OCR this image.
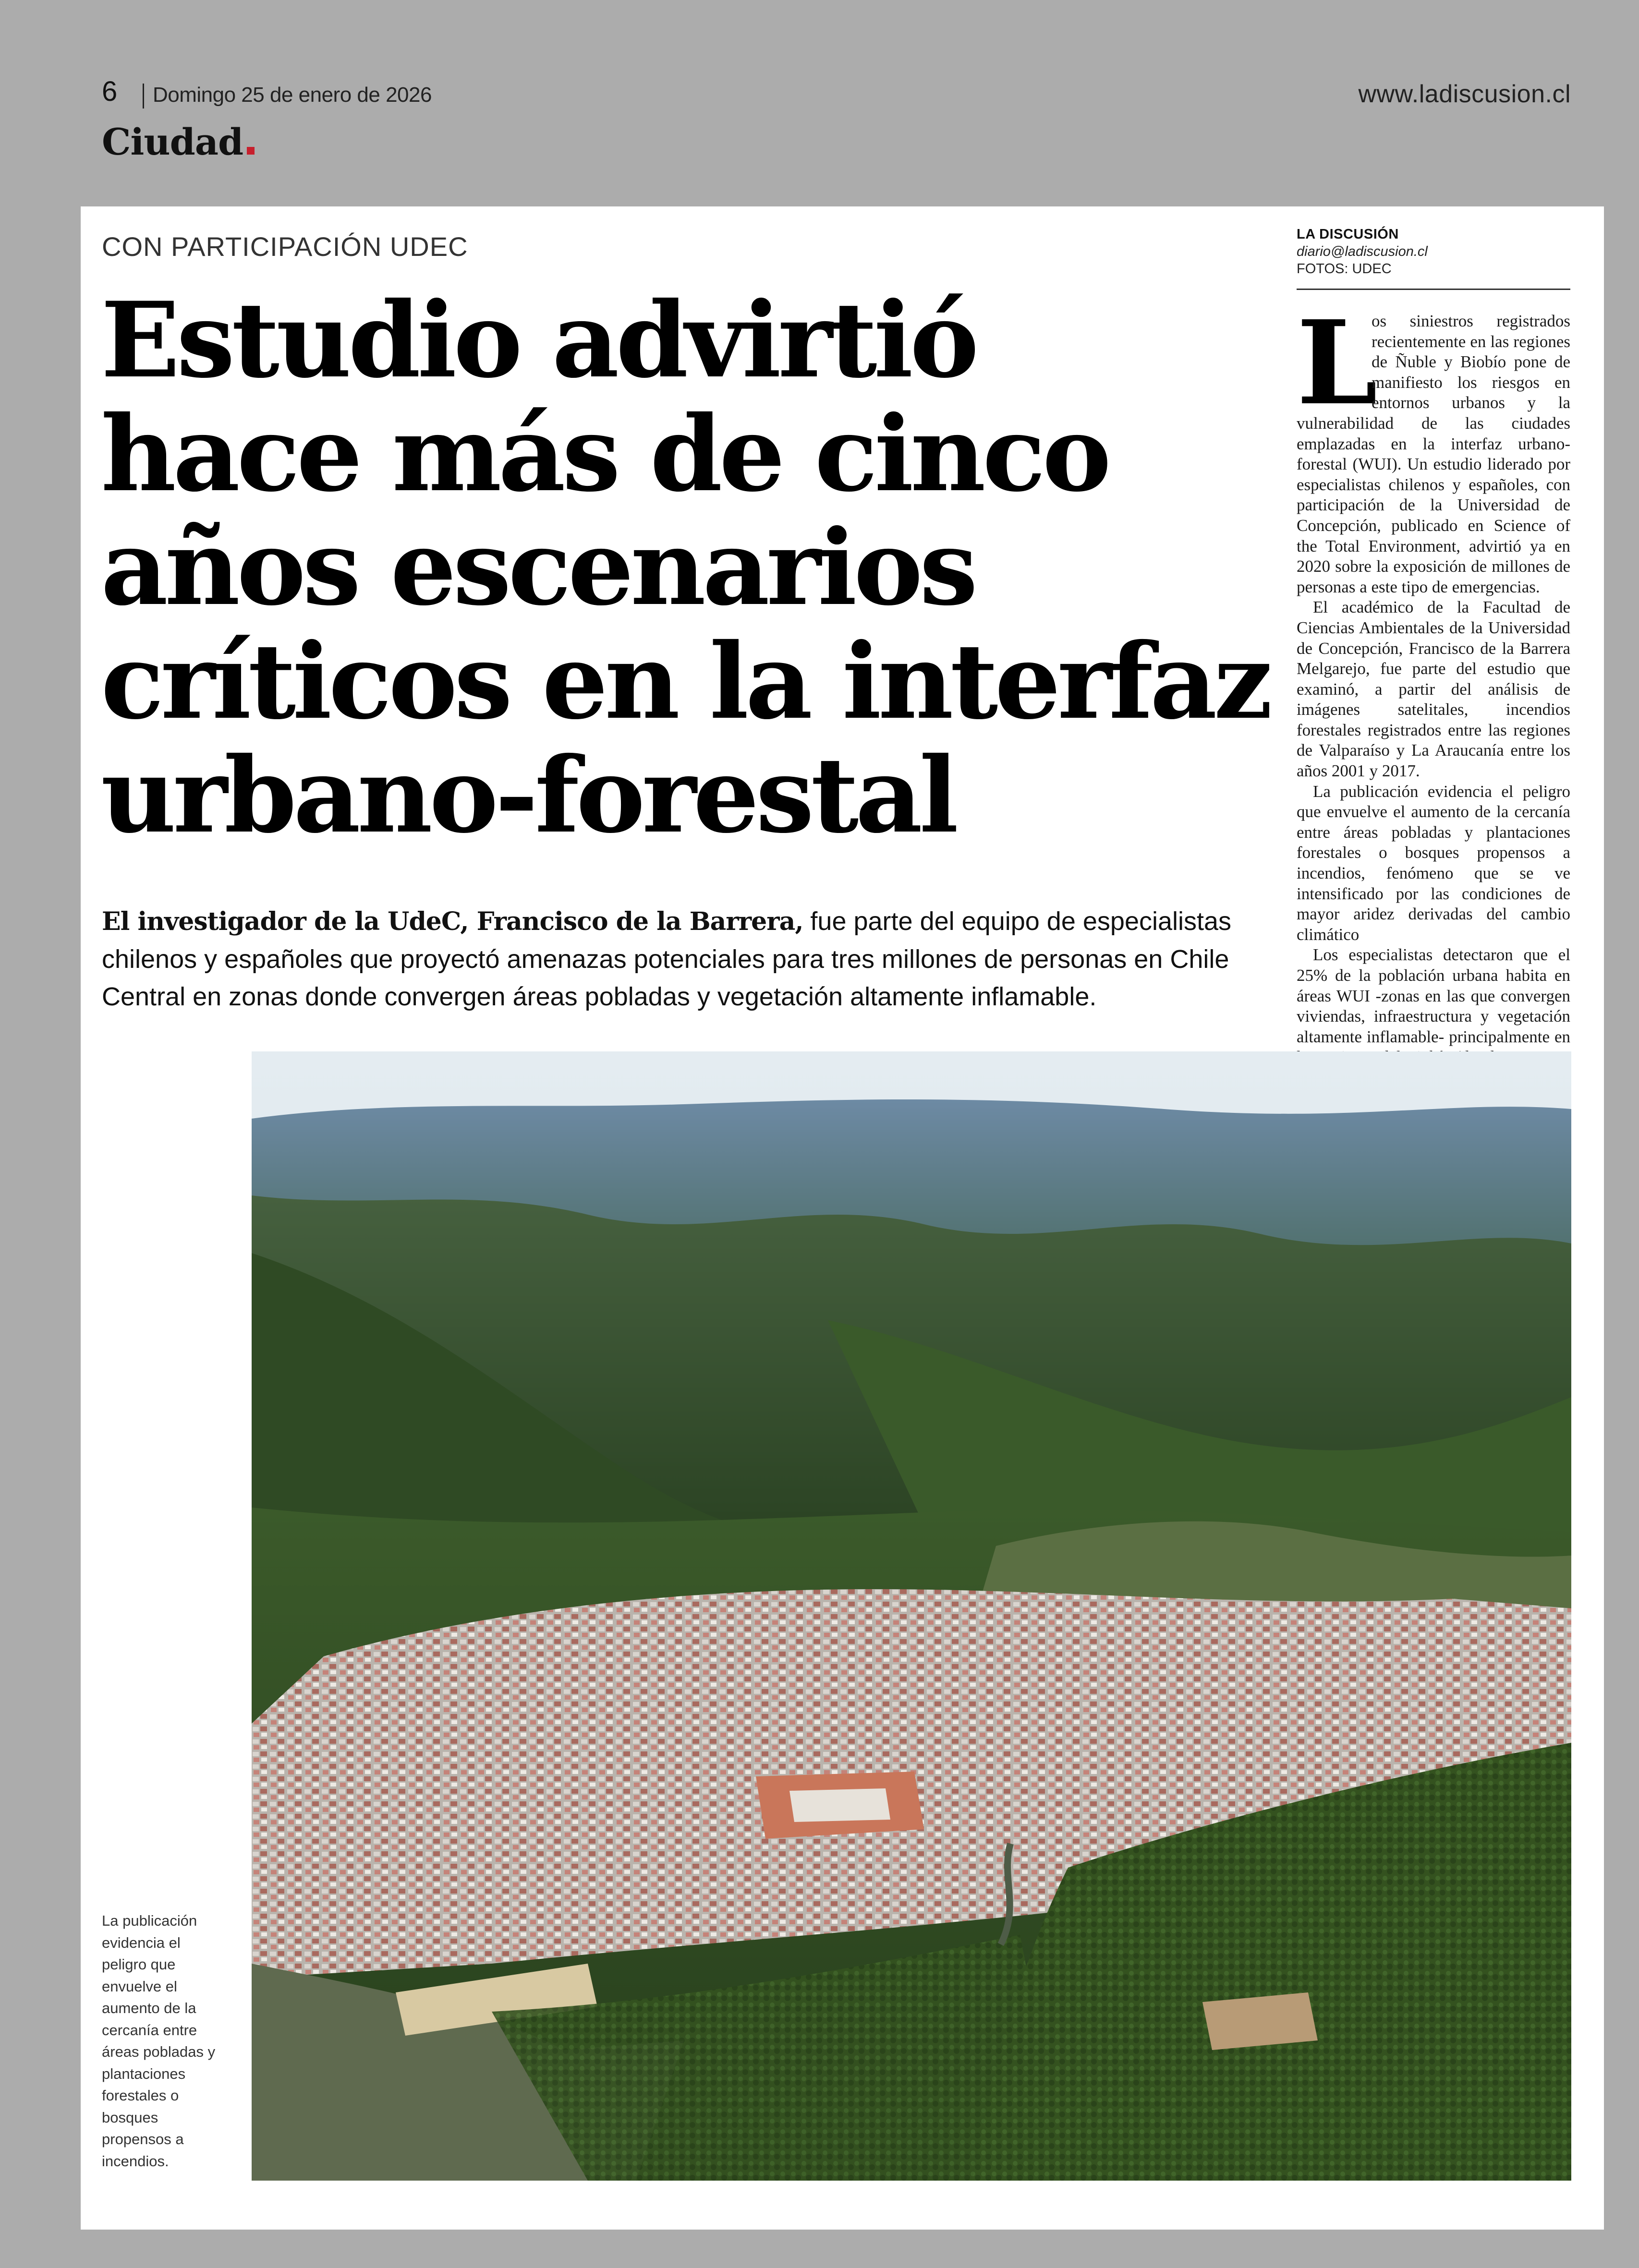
6 Domingo 25 de enero de 2026	www.ladiscusion.cl
Ciudad
CON PARTICIPACIÓN UDEC
Estudio advirtió
hace más de cinco
años escenarios
críticos en la interfaz
urbano-forestal

El investigador de la UdeC, Francisco de la Barrera, fue parte del equipo de especialistas chilenos y españoles que proyectó amenazas potenciales para tres millones de personas en Chile Central en zonas donde convergen áreas pobladas y vegetación altamente inflamable.

LA DISCUSIÓN
diario@ladiscusion.cl
FOTOS: UDEC
L

os siniestros registrados recientemente en las regiones de Ñuble y Biobío pone de manifiesto los riesgos en entornos urbanos y la vulnerabilidad de las ciudades emplazadas en la interfaz urbano-forestal (WUI). Un estudio liderado por especialistas chilenos y españoles, con participación de la Universidad de Concepción, publicado en Science of the Total Environment, advirtió ya en 2020 sobre la exposición de millones de personas a este tipo de emergencias.

El académico de la Facultad de Ciencias Ambientales de la Universidad de Concepción, Francisco de la Barrera Melgarejo, fue parte del estudio que examinó, a partir del análisis de imágenes satelitales, incendios forestales registrados entre las regiones de Valparaíso y La Araucanía entre los años 2001 y 2017.

La publicación evidencia el peligro que envuelve el aumento de la cercanía entre áreas pobladas y plantaciones forestales o bosques propensos a incendios, fenómeno que se ve intensificado por las condiciones de mayor aridez derivadas del cambio climático

Los especialistas detectaron que el 25% de la población urbana habita en áreas WUI -zonas en las que convergen viviendas, infraestructura y vegetación altamente inflamable- principalmente en

La publicación evidencia el peligro que envuelve el aumento de la cercanía entre áreas pobladas y plantaciones forestales o bosques propensos a incendios.
